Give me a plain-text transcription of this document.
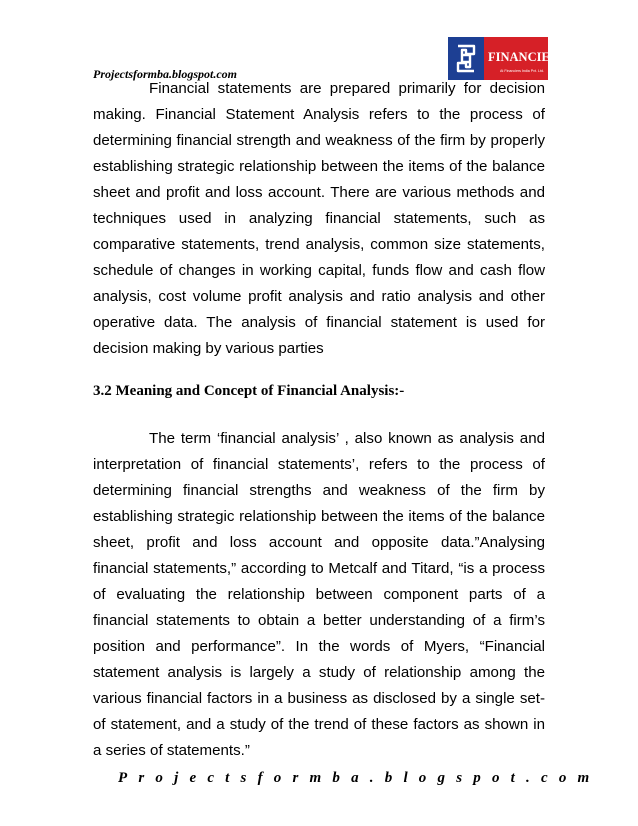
Projectsformba.blogspot.com
FINANCIERs
At Financiers India Pvt. Ltd.

Financial statements are prepared primarily for decision making. Financial Statement Analysis refers to the process of determining financial strength and weakness of the firm by properly establishing strategic relationship between the items of the balance sheet and profit and loss account. There are various methods and techniques used in analyzing financial statements, such as comparative statements, trend analysis, common size statements, schedule of changes in working capital, funds flow and cash flow analysis, cost volume profit analysis and ratio analysis and other operative data. The analysis of financial statement is used for decision making by various parties

3.2 Meaning and Concept of Financial Analysis:-

The term ‘financial analysis’ , also known as analysis and interpretation of financial statements’, refers to the process of determining financial strengths and weakness of the firm by establishing strategic relationship between the items of the balance sheet, profit and loss account and opposite data.”Analysing financial statements,” according to Metcalf and Titard, “is a process of evaluating the relationship between component parts of a financial statements to obtain a better understanding of a firm’s position and performance”. In the words of Myers, “Financial statement analysis is largely a study of relationship among the various financial factors in a business as disclosed by a single set-of statement, and a study of the trend of these factors as shown in a series of statements.”

Projectsformba.blogspot.com
